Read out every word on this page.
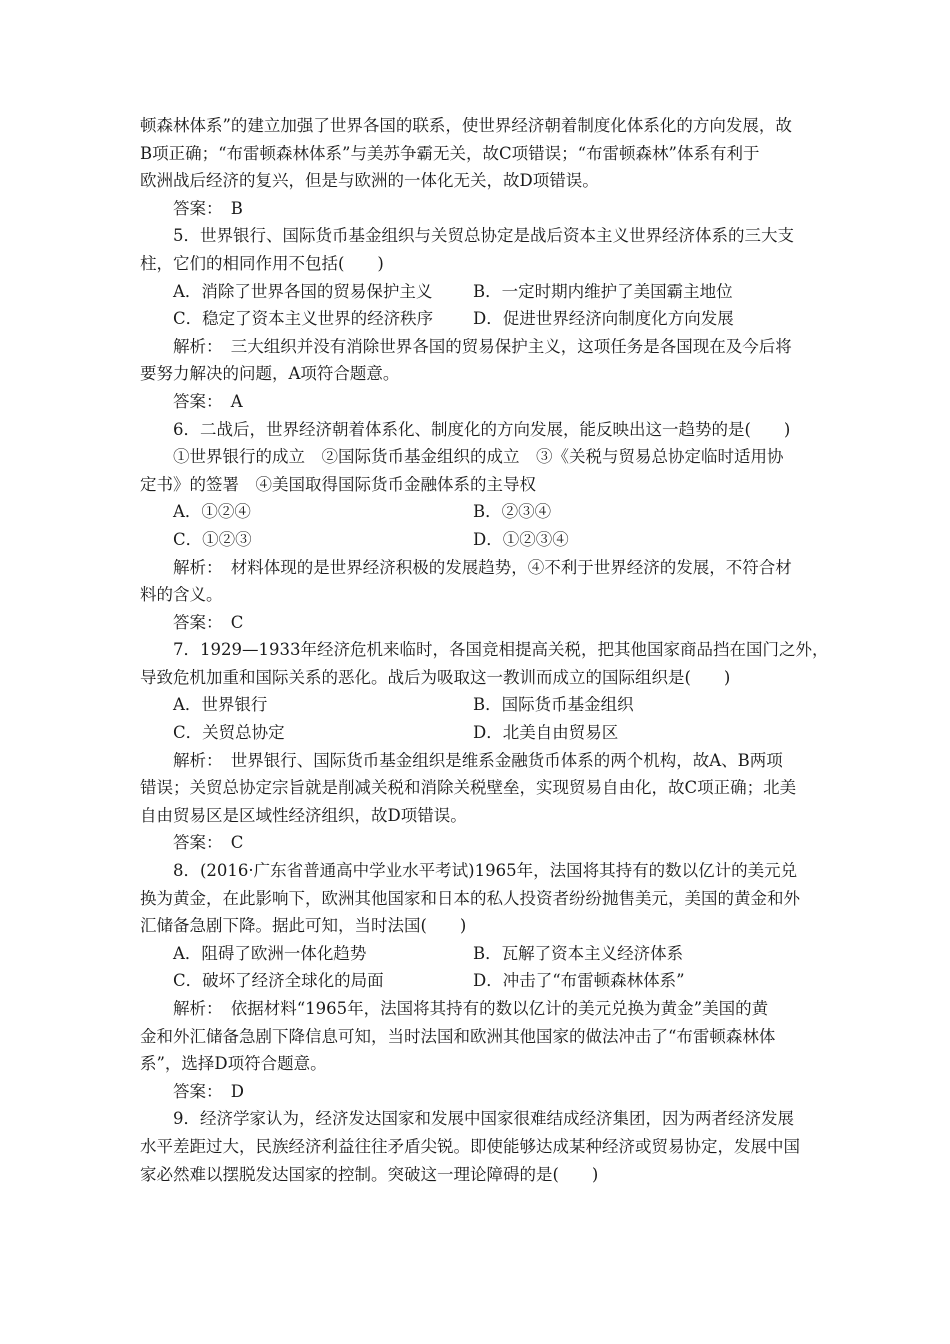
顿森林体系”的建立加强了世界各国的联系，使世界经济朝着制度化体系化的方向发展，故
B项正确；“布雷顿森林体系”与美苏争霸无关，故C项错误；“布雷顿森林”体系有利于
欧洲战后经济的复兴，但是与欧洲的一体化无关，故D项错误。
答案：　B
5．世界银行、国际货币基金组织与关贸总协定是战后资本主义世界经济体系的三大支
柱，它们的相同作用不包括(　　)
A．消除了世界各国的贸易保护主义 B．一定时期内维护了美国霸主地位
C．稳定了资本主义世界的经济秩序 D．促进世界经济向制度化方向发展
解析：　三大组织并没有消除世界各国的贸易保护主义，这项任务是各国现在及今后将
要努力解决的问题，A项符合题意。
答案：　A
6．二战后，世界经济朝着体系化、制度化的方向发展，能反映出这一趋势的是(　　)
①世界银行的成立　②国际货币基金组织的成立　③《关税与贸易总协定临时适用协
定书》的签署　④美国取得国际货币金融体系的主导权
A．①②④	B．②③④
C．①②③	D．①②③④
解析：　材料体现的是世界经济积极的发展趋势，④不利于世界经济的发展，不符合材
料的含义。
答案：　C
7．1929—1933年经济危机来临时，各国竞相提高关税，把其他国家商品挡在国门之外，
导致危机加重和国际关系的恶化。战后为吸取这一教训而成立的国际组织是(　　)
A．世界银行	B．国际货币基金组织
C．关贸总协定	D．北美自由贸易区
解析：　世界银行、国际货币基金组织是维系金融货币体系的两个机构，故A、B两项
错误；关贸总协定宗旨就是削减关税和消除关税壁垒，实现贸易自由化，故C项正确；北美
自由贸易区是区域性经济组织，故D项错误。
答案：　C
8．(2016·广东省普通高中学业水平考试)1965年，法国将其持有的数以亿计的美元兑
换为黄金，在此影响下，欧洲其他国家和日本的私人投资者纷纷抛售美元，美国的黄金和外
汇储备急剧下降。据此可知，当时法国(　　)
A．阻碍了欧洲一体化趋势	B．瓦解了资本主义经济体系
C．破坏了经济全球化的局面	D．冲击了“布雷顿森林体系”
解析：　依据材料“1965年，法国将其持有的数以亿计的美元兑换为黄金”美国的黄
金和外汇储备急剧下降信息可知，当时法国和欧洲其他国家的做法冲击了“布雷顿森林体
系”，选择D项符合题意。
答案：　D
9．经济学家认为，经济发达国家和发展中国家很难结成经济集团，因为两者经济发展
水平差距过大，民族经济利益往往矛盾尖锐。即使能够达成某种经济或贸易协定，发展中国
家必然难以摆脱发达国家的控制。突破这一理论障碍的是(　　)
